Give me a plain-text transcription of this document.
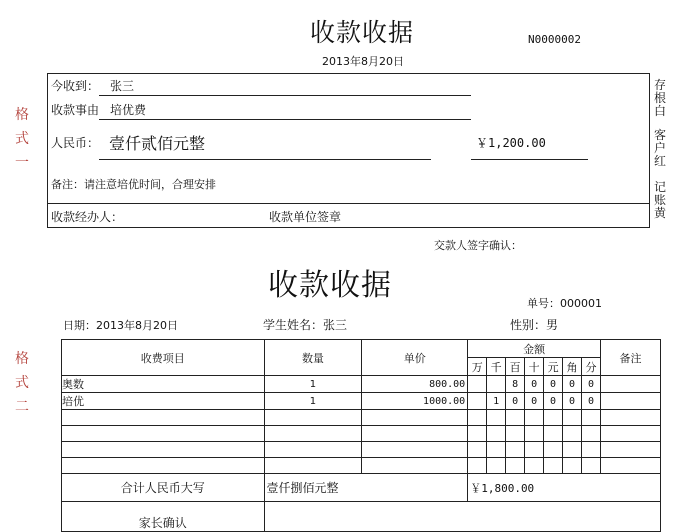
格式一
格式二
收款收据	N0000002
2013年8月20日
今收到： 张三
收款事由 培优费
人民币： 壹仟贰佰元整	￥1,200.00
备注：请注意培优时间，合理安排
收款经办人：	收款单位签章
交款人签字确认：
存根白
客户红
记账黄
收款收据
单号：000001
日期：2013年8月20日	学生姓名：张三	性别：男
收费项目	数量	单价	金额							备注
			万	千	百	十	元	角	分	
奥数	1	800.00			8	0	0	0	0	
培优	1	1000.00		1	0	0	0	0	0	

合计人民币大写	壹仟捌佰元整		￥1,800.00							
家长确认										
